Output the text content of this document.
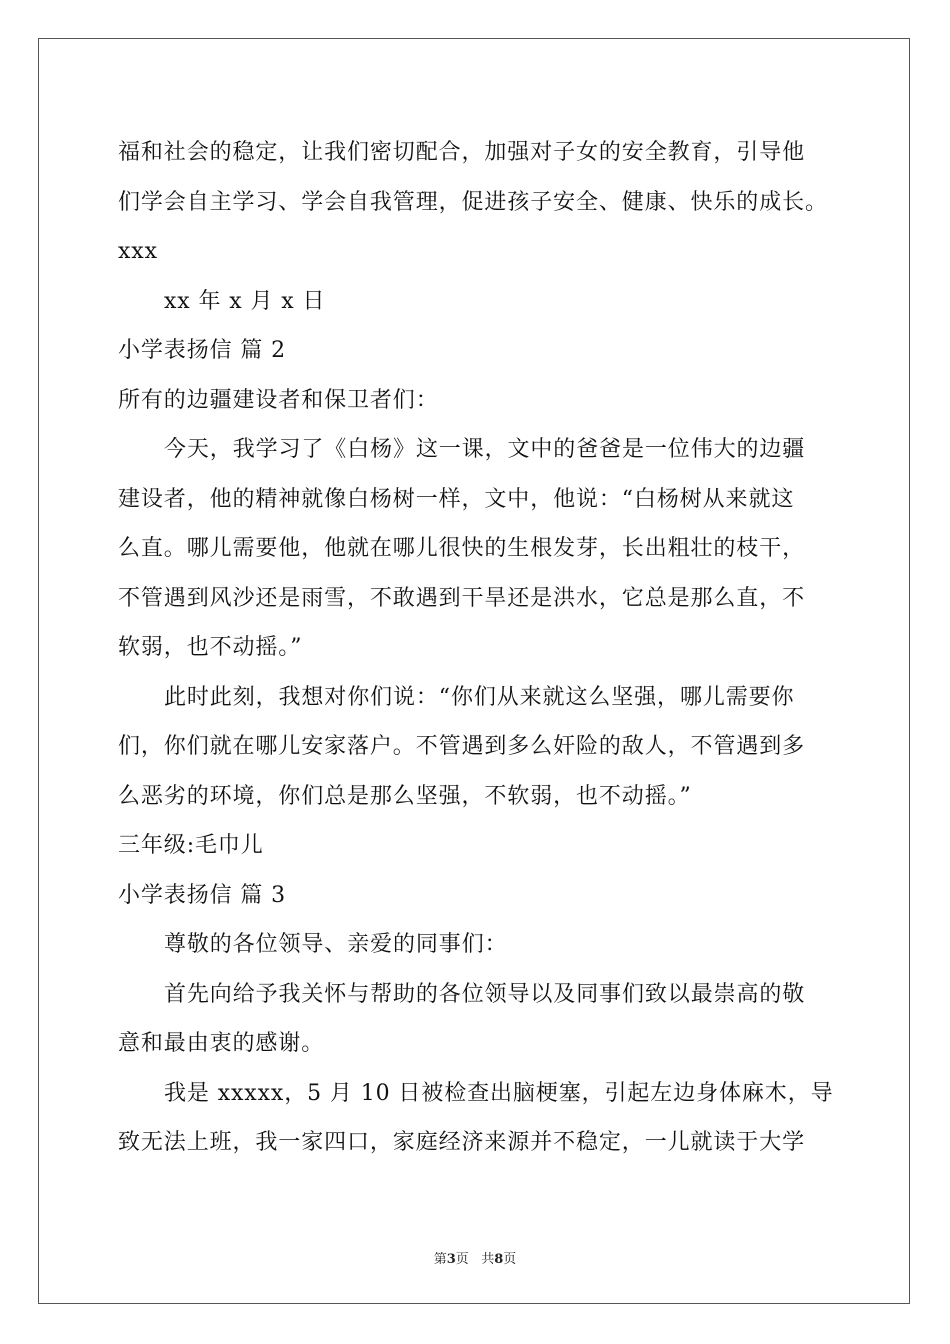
福和社会的稳定，让我们密切配合，加强对子女的安全教育，引导他
们学会自主学习、学会自我管理，促进孩子安全、健康、快乐的成长。
xxx
xx 年 x 月 x 日
小学表扬信 篇 2
所有的边疆建设者和保卫者们：
今天，我学习了《白杨》这一课，文中的爸爸是一位伟大的边疆
建设者，他的精神就像白杨树一样，文中，他说：“白杨树从来就这
么直。哪儿需要他，他就在哪儿很快的生根发芽，长出粗壮的枝干，
不管遇到风沙还是雨雪，不敢遇到干旱还是洪水，它总是那么直，不
软弱，也不动摇。”
此时此刻，我想对你们说：“你们从来就这么坚强，哪儿需要你
们，你们就在哪儿安家落户。不管遇到多么奸险的敌人，不管遇到多
么恶劣的环境，你们总是那么坚强，不软弱，也不动摇。”
三年级:毛巾儿
小学表扬信 篇 3
尊敬的各位领导、亲爱的同事们：
首先向给予我关怀与帮助的各位领导以及同事们致以最崇高的敬
意和最由衷的感谢。
我是 xxxxx，5 月 10 日被检查出脑梗塞，引起左边身体麻木，导
致无法上班，我一家四口，家庭经济来源并不稳定，一儿就读于大学
第3页 共8页
